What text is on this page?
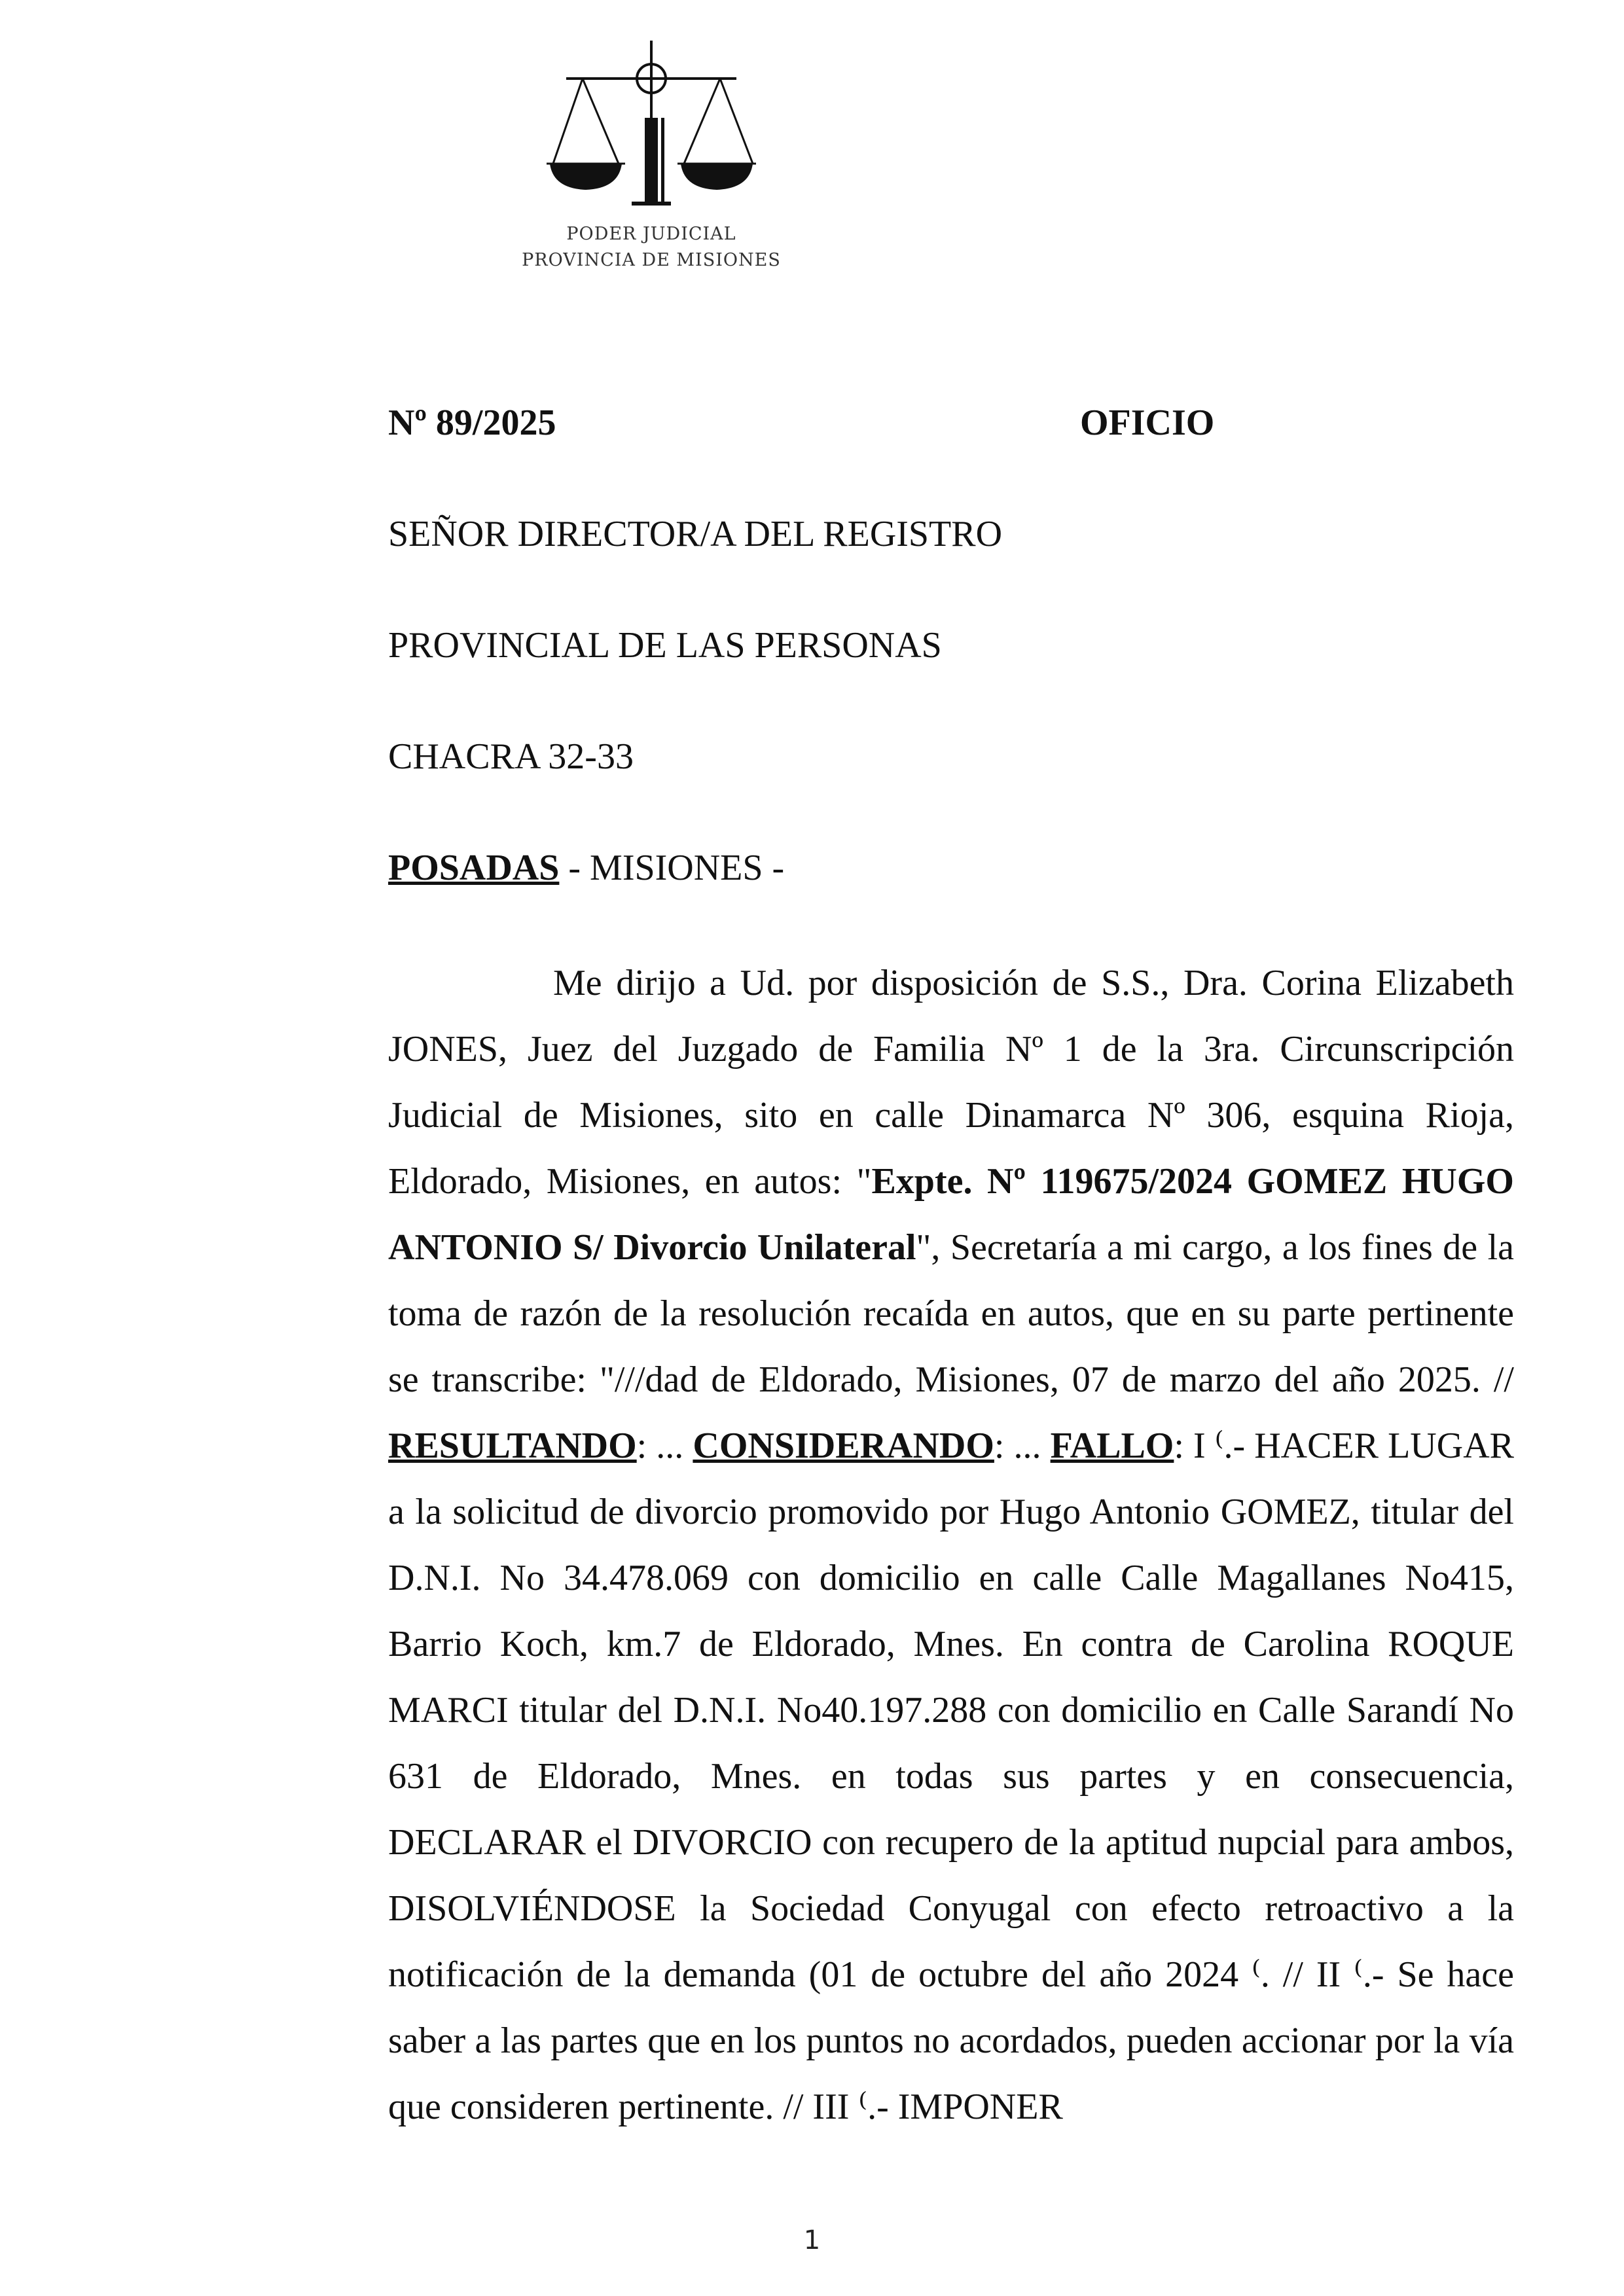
PODER JUDICIAL
PROVINCIA DE MISIONES
Nº 89/2025	OFICIO
SEÑOR DIRECTOR/A DEL REGISTRO
PROVINCIAL DE LAS PERSONAS
CHACRA 32-33
POSADAS - MISIONES -

Me dirijo a Ud. por disposición de S.S., Dra. Corina Elizabeth JONES, Juez del Juzgado de Familia Nº 1 de la 3ra. Circunscripción Judicial de Misiones, sito en calle Dinamarca Nº 306, esquina Rioja, Eldorado, Misiones, en autos: "Expte. Nº 119675/2024 GOMEZ HUGO ANTONIO S/ Divorcio Unilateral", Secretaría a mi cargo, a los fines de la toma de razón de la resolución recaída en autos, que en su parte pertinente se transcribe: "///dad de Eldorado, Misiones, 07 de marzo del año 2025. // RESULTANDO: ... CONSIDERANDO: ... FALLO: I ⁽.- HACER LUGAR a la solicitud de divorcio promovido por Hugo Antonio GOMEZ, titular del D.N.I. No 34.478.069 con domicilio en calle Calle Magallanes No415, Barrio Koch, km.7 de Eldorado, Mnes. En contra de Carolina ROQUE MARCI titular del D.N.I. No40.197.288 con domicilio en Calle Sarandí No 631 de Eldorado, Mnes. en todas sus partes y en consecuencia, DECLARAR el DIVORCIO con recupero de la aptitud nupcial para ambos, DISOLVIÉNDOSE la Sociedad Conyugal con efecto retroactivo a la notificación de la demanda (01 de octubre del año 2024 ⁽. // II ⁽.- Se hace saber a las partes que en los puntos no acordados, pueden accionar por la vía que consideren pertinente. // III ⁽.- IMPONER

1
